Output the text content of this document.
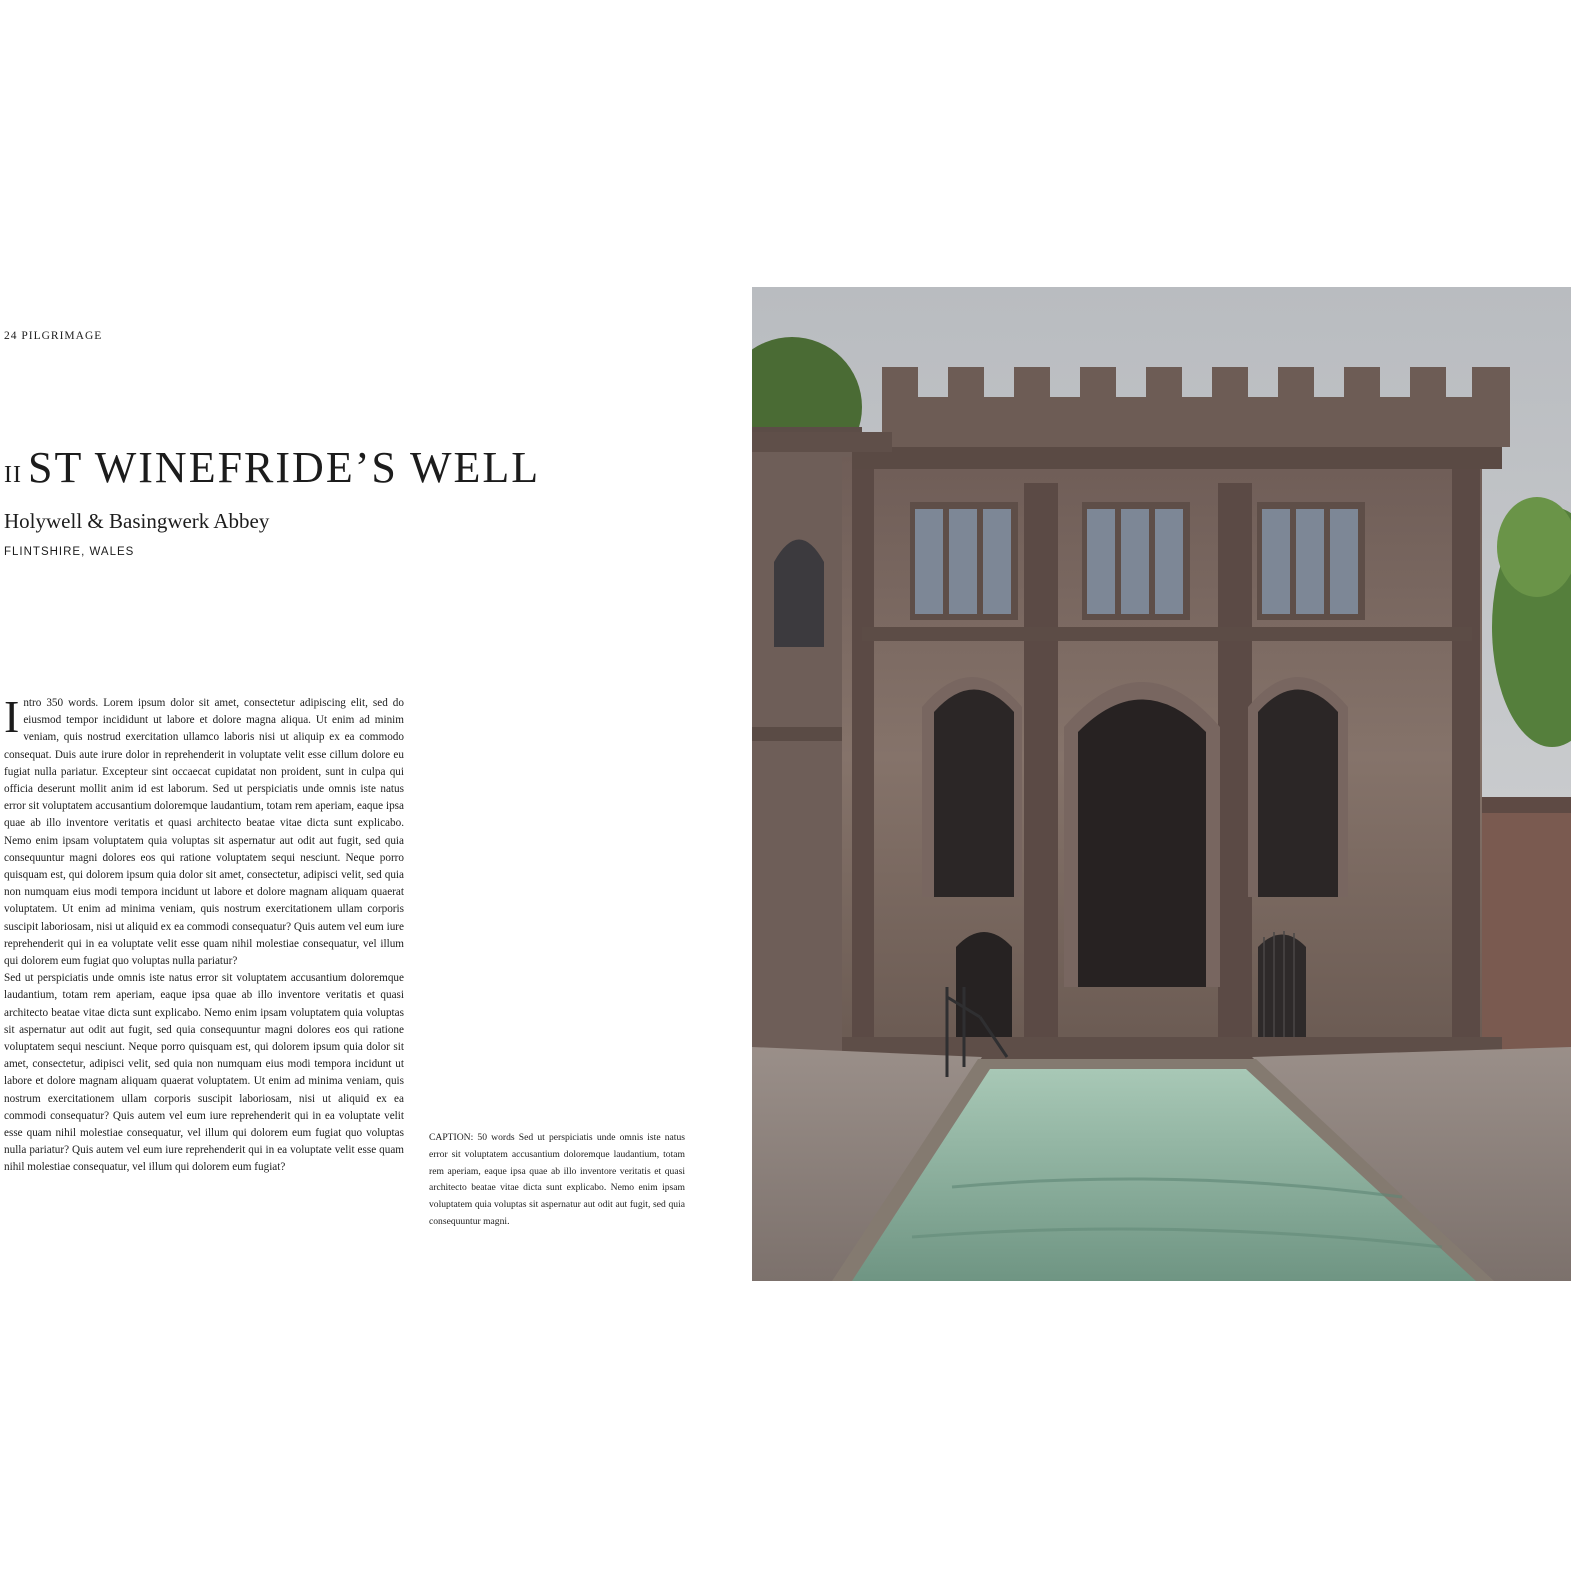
24 PILGRIMAGE
II ST WINEFRIDE’S WELL
Holywell & Basingwerk Abbey
FLINTSHIRE, WALES

Intro 350 words. Lorem ipsum dolor sit amet, consectetur adipiscing elit, sed do eiusmod tempor incididunt ut labore et dolore magna aliqua. Ut enim ad minim veniam, quis nostrud exercitation ullamco laboris nisi ut aliquip ex ea commodo consequat. Duis aute irure dolor in reprehenderit in voluptate velit esse cillum dolore eu fugiat nulla pariatur. Excepteur sint occaecat cupidatat non proident, sunt in culpa qui officia deserunt mollit anim id est laborum. Sed ut perspiciatis unde omnis iste natus error sit voluptatem accusantium doloremque laudantium, totam rem aperiam, eaque ipsa quae ab illo inventore veritatis et quasi architecto beatae vitae dicta sunt explicabo. Nemo enim ipsam voluptatem quia voluptas sit aspernatur aut odit aut fugit, sed quia consequuntur magni dolores eos qui ratione voluptatem sequi nesciunt. Neque porro quisquam est, qui dolorem ipsum quia dolor sit amet, consectetur, adipisci velit, sed quia non numquam eius modi tempora incidunt ut labore et dolore magnam aliquam quaerat voluptatem. Ut enim ad minima veniam, quis nostrum exercitationem ullam corporis suscipit laboriosam, nisi ut aliquid ex ea commodi consequatur? Quis autem vel eum iure reprehenderit qui in ea voluptate velit esse quam nihil molestiae consequatur, vel illum qui dolorem eum fugiat quo voluptas nulla pariatur?

Sed ut perspiciatis unde omnis iste natus error sit voluptatem accusantium doloremque laudantium, totam rem aperiam, eaque ipsa quae ab illo inventore veritatis et quasi architecto beatae vitae dicta sunt explicabo. Nemo enim ipsam voluptatem quia voluptas sit aspernatur aut odit aut fugit, sed quia consequuntur magni dolores eos qui ratione voluptatem sequi nesciunt. Neque porro quisquam est, qui dolorem ipsum quia dolor sit amet, consectetur, adipisci velit, sed quia non numquam eius modi tempora incidunt ut labore et dolore magnam aliquam quaerat voluptatem. Ut enim ad minima veniam, quis nostrum exercitationem ullam corporis suscipit laboriosam, nisi ut aliquid ex ea commodi consequatur? Quis autem vel eum iure reprehenderit qui in ea voluptate velit esse quam nihil molestiae consequatur, vel illum qui dolorem eum fugiat quo voluptas nulla pariatur? Quis autem vel eum iure reprehenderit qui in ea voluptate velit esse quam nihil molestiae consequatur, vel illum qui dolorem eum fugiat?

CAPTION: 50 words Sed ut perspiciatis unde omnis iste natus error sit voluptatem accusantium doloremque laudantium, totam rem aperiam, eaque ipsa quae ab illo inventore veritatis et quasi architecto beatae vitae dicta sunt explicabo. Nemo enim ipsam voluptatem quia voluptas sit aspernatur aut odit aut fugit, sed quia consequuntur magni.
